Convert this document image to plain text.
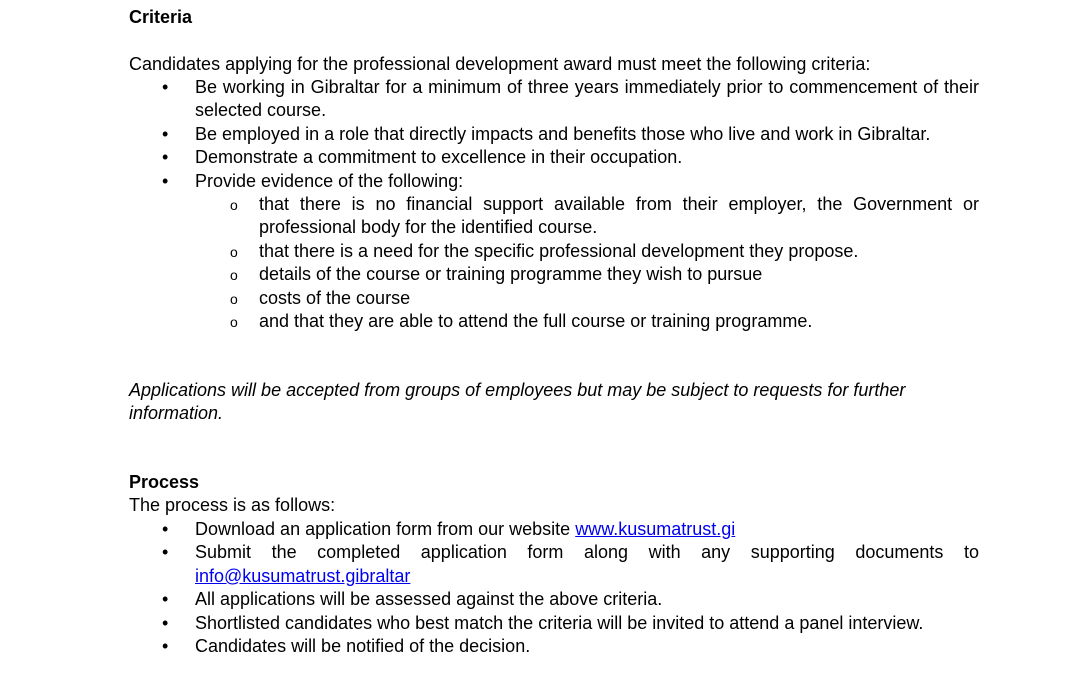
Criteria
Candidates applying for the professional development award must meet the following criteria:
• Be working in Gibraltar for a minimum of three years immediately prior to commencement of their selected course.
• Be employed in a role that directly impacts and benefits those who live and work in Gibraltar.
• Demonstrate a commitment to excellence in their occupation.
• Provide evidence of the following:
o that there is no financial support available from their employer, the Government or professional body for the identified course.
o that there is a need for the specific professional development they propose.
o details of the course or training programme they wish to pursue
o costs of the course
o and that they are able to attend the full course or training programme.
Applications will be accepted from groups of employees but may be subject to requests for further information.
Process
The process is as follows:
• Download an application form from our website www.kusumatrust.gi
• Submit the completed application form along with any supporting documents to info@kusumatrust.gibraltar
• All applications will be assessed against the above criteria.
• Shortlisted candidates who best match the criteria will be invited to attend a panel interview.
• Candidates will be notified of the decision.
